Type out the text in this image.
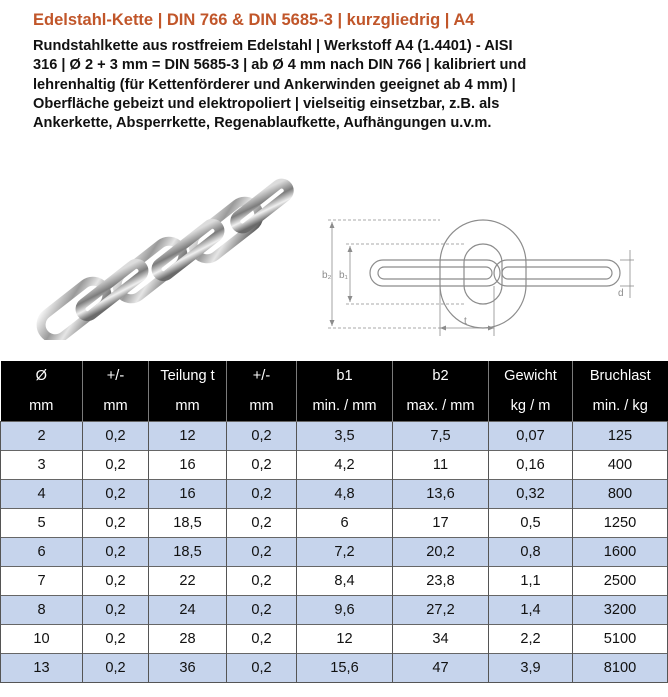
Edelstahl-Kette | DIN 766 & DIN 5685-3 | kurzgliedrig | A4
Rundstahlkette aus rostfreiem Edelstahl | Werkstoff A4 (1.4401) - AISI
316 | Ø 2 + 3 mm = DIN 5685-3 | ab Ø 4 mm nach DIN 766 | kalibriert und
lehrenhaltig (für Kettenförderer und Ankerwinden geeignet ab 4 mm) |
Oberfläche gebeizt und elektropoliert | vielseitig einsetzbar, z.B. als
Ankerkette, Absperrkette, Regenablaufkette, Aufhängungen u.v.m.
b₂ b₁
t
d
Ø	+/-	Teilung t	+/-	b1	b2	Gewicht	Bruchlast
mm	mm	mm	mm	min. / mm	max. / mm	kg / m	min. / kg
2	0,2	12	0,2	3,5	7,5	0,07	125
3	0,2	16	0,2	4,2	11	0,16	400
4	0,2	16	0,2	4,8	13,6	0,32	800
5	0,2	18,5	0,2	6	17	0,5	1250
6	0,2	18,5	0,2	7,2	20,2	0,8	1600
7	0,2	22	0,2	8,4	23,8	1,1	2500
8	0,2	24	0,2	9,6	27,2	1,4	3200
10	0,2	28	0,2	12	34	2,2	5100
13	0,2	36	0,2	15,6	47	3,9	8100
